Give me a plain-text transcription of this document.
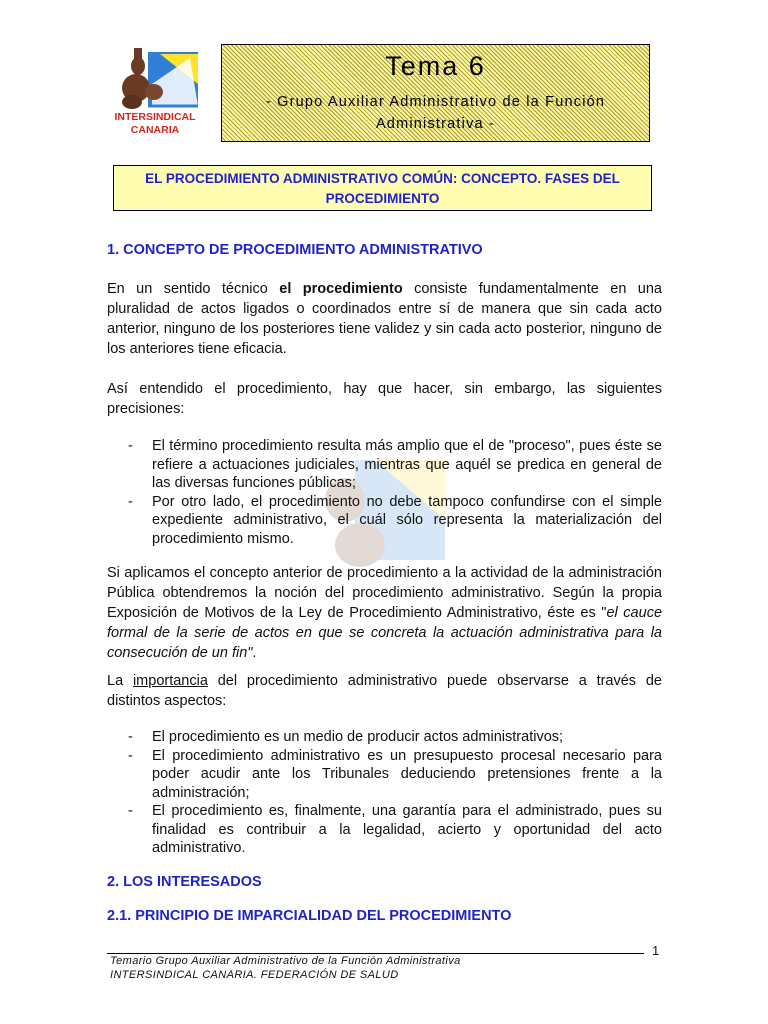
INTERSINDICAL
CANARIA
Tema 6
- Grupo Auxiliar Administrativo de la Función
Administrativa -
EL PROCEDIMIENTO ADMINISTRATIVO COMÚN: CONCEPTO. FASES DEL
PROCEDIMIENTO
1. CONCEPTO DE PROCEDIMIENTO ADMINISTRATIVO
En un sentido técnico el procedimiento consiste fundamentalmente en una pluralidad de actos ligados o coordinados entre sí de manera que sin cada acto anterior, ninguno de los posteriores tiene validez y sin cada acto posterior, ninguno de los anteriores tiene eficacia.
Así entendido el procedimiento, hay que hacer, sin embargo, las siguientes precisiones:
-	El término procedimiento resulta más amplio que el de "proceso", pues éste se refiere a actuaciones judiciales, mientras que aquél se predica en general de las diversas funciones públicas;
-	Por otro lado, el procedimiento no debe tampoco confundirse con el simple expediente administrativo, el cuál sólo representa la materialización del procedimiento mismo.
Si aplicamos el concepto anterior de procedimiento a la actividad de la administración Pública obtendremos la noción del procedimiento administrativo. Según la propia Exposición de Motivos de la Ley de Procedimiento Administrativo, éste es "el cauce formal de la serie de actos en que se concreta la actuación administrativa para la consecución de un fin".
La importancia del procedimiento administrativo puede observarse a través de distintos aspectos:
-	El procedimiento es un medio de producir actos administrativos;
-	El procedimiento administrativo es un presupuesto procesal necesario para poder acudir ante los Tribunales deduciendo pretensiones frente a la administración;
-	El procedimiento es, finalmente, una garantía para el administrado, pues su finalidad es contribuir a la legalidad, acierto y oportunidad del acto administrativo.
2. LOS INTERESADOS
2.1. PRINCIPIO DE IMPARCIALIDAD DEL PROCEDIMIENTO
1
Temario Grupo Auxiliar Administrativo de la Función Administrativa
INTERSINDICAL CANARIA. FEDERACIÓN DE SALUD
